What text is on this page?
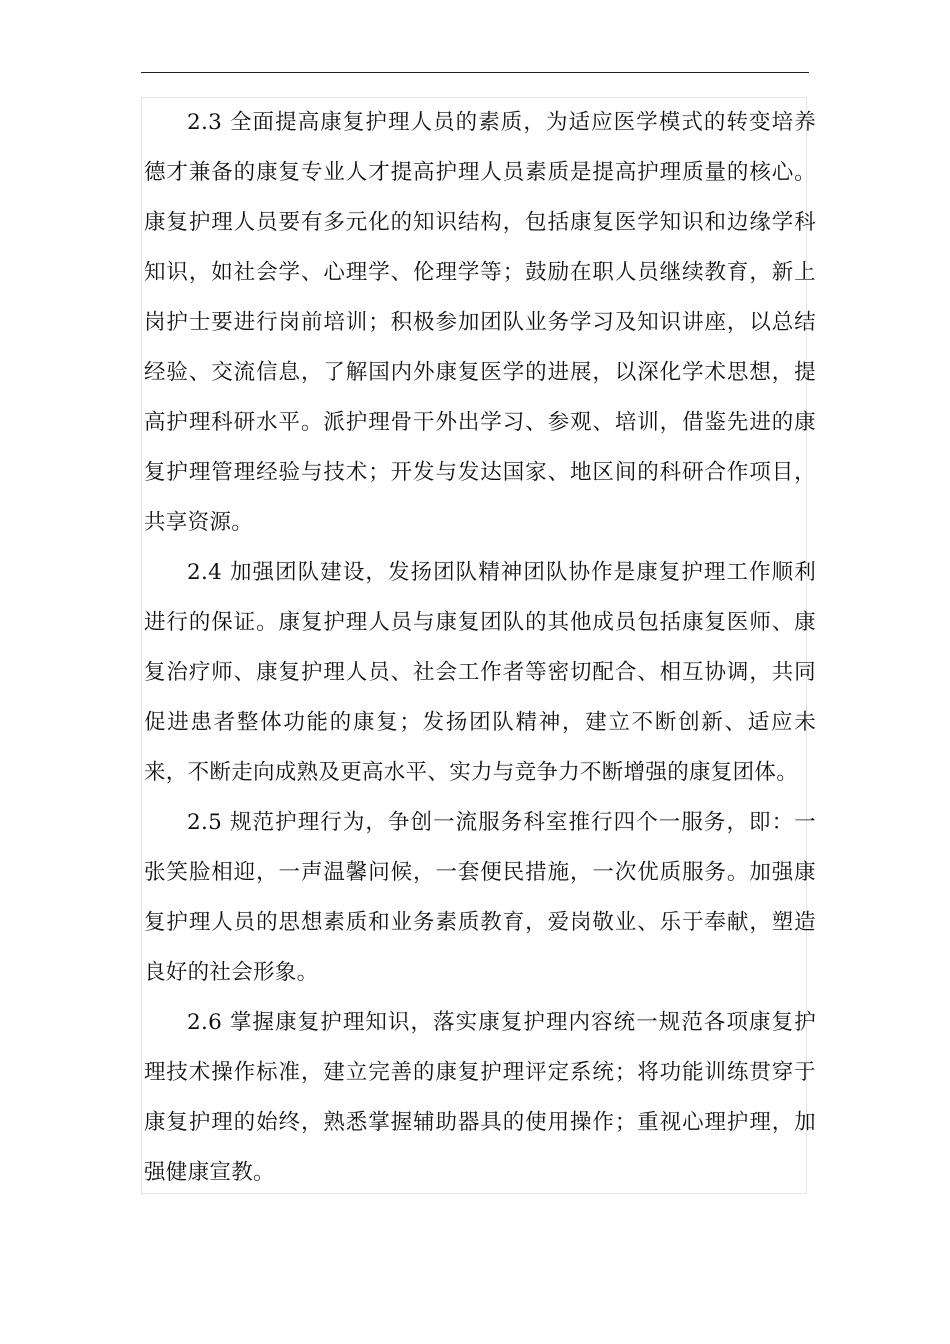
2.3 全面提高康复护理人员的素质，为适应医学模式的转变培养德才兼备的康复专业人才提高护理人员素质是提高护理质量的核心。康复护理人员要有多元化的知识结构，包括康复医学知识和边缘学科知识，如社会学、心理学、伦理学等；鼓励在职人员继续教育，新上岗护士要进行岗前培训；积极参加团队业务学习及知识讲座，以总结经验、交流信息，了解国内外康复医学的进展，以深化学术思想，提高护理科研水平。派护理骨干外出学习、参观、培训，借鉴先进的康复护理管理经验与技术；开发与发达国家、地区间的科研合作项目，共享资源。

2.4 加强团队建设，发扬团队精神团队协作是康复护理工作顺利进行的保证。康复护理人员与康复团队的其他成员包括康复医师、康复治疗师、康复护理人员、社会工作者等密切配合、相互协调，共同促进患者整体功能的康复；发扬团队精神，建立不断创新、适应未来，不断走向成熟及更高水平、实力与竞争力不断增强的康复团体。

2.5 规范护理行为，争创一流服务科室推行四个一服务，即：一张笑脸相迎，一声温馨问候，一套便民措施，一次优质服务。加强康复护理人员的思想素质和业务素质教育，爱岗敬业、乐于奉献，塑造良好的社会形象。

2.6 掌握康复护理知识，落实康复护理内容统一规范各项康复护理技术操作标准，建立完善的康复护理评定系统；将功能训练贯穿于康复护理的始终，熟悉掌握辅助器具的使用操作；重视心理护理，加强健康宣教。
